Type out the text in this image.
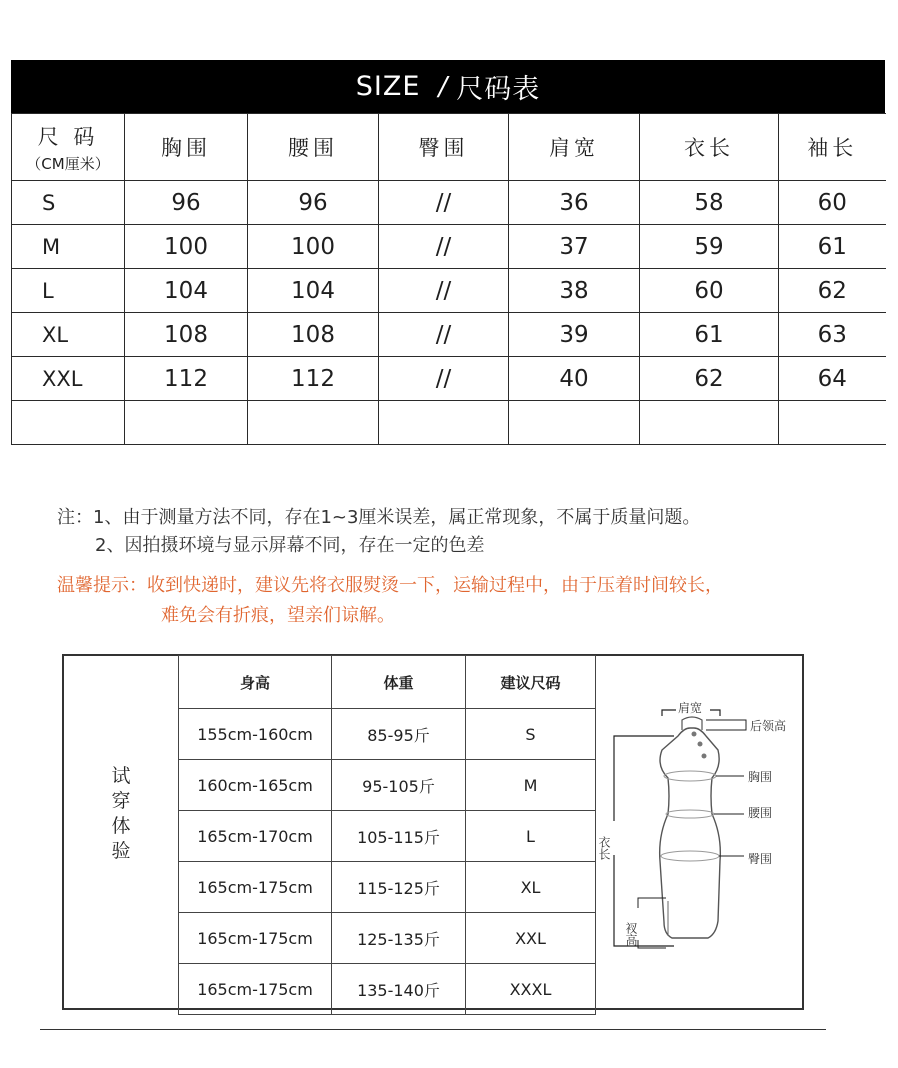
SIZE / 尺码表
尺 码
（CM厘米）	胸围	腰围	臀围	肩宽	衣长	袖长
S	96	96	//	36	58	60
M	100	100	//	37	59	61
L	104	104	//	38	60	62
XL	108	108	//	39	61	63
XXL	112	112	//	40	62	64

注：1、由于测量方法不同，存在1~3厘米误差，属正常现象，不属于质量问题。
2、因拍摄环境与显示屏幕不同，存在一定的色差
温馨提示：收到快递时，建议先将衣服熨烫一下，运输过程中，由于压着时间较长，
难免会有折痕，望亲们谅解。
试穿体验
身高	体重	建议尺码
155cm-160cm	85-95斤	S
160cm-165cm	95-105斤	M
165cm-170cm	105-115斤	L
165cm-175cm	115-125斤	XL
165cm-175cm	125-135斤	XXL
165cm-175cm	135-140斤	XXXL
肩宽
后领高
胸围
腰围
臀围
衣长
衩高
